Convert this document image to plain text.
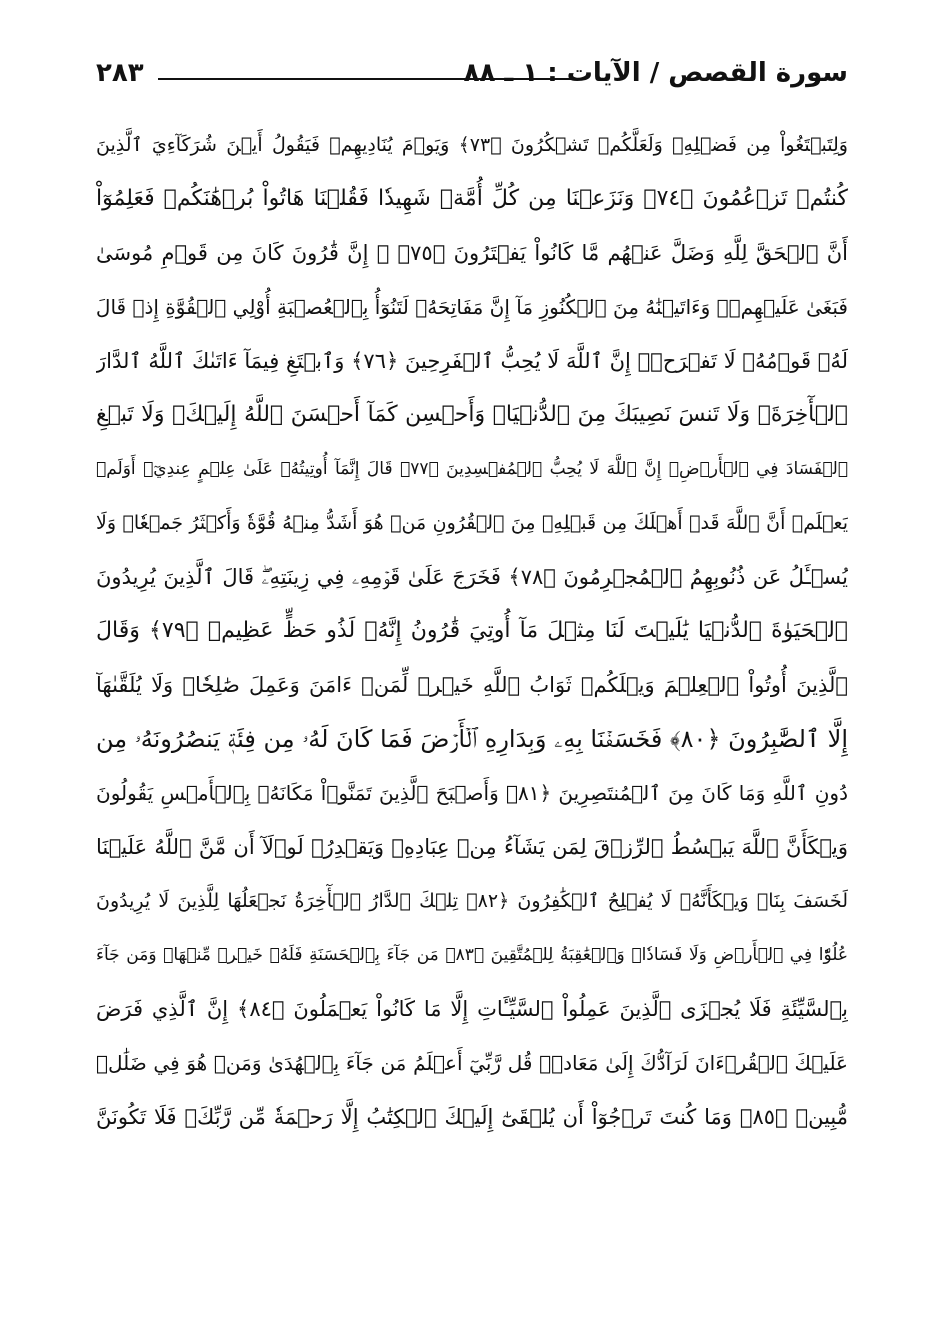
سورة القصص / الآيات : ١ ـ ٨٨
٢٨٣
وَلِتَبۡتَغُواْ مِن فَضۡلِهِۦ وَلَعَلَّكُمۡ تَشۡكُرُونَ ﴿٧٣﴾ وَيَوۡمَ يُنَادِيهِمۡ فَيَقُولُ أَيۡنَ شُرَكَآءِيَ ٱلَّذِينَ
كُنتُمۡ تَزۡعُمُونَ ﴿٧٤﴾ وَنَزَعۡنَا مِن كُلِّ أُمَّةٖ شَهِيدٗا فَقُلۡنَا هَاتُواْ بُرۡهَٰنَكُمۡ فَعَلِمُوٓاْ
أَنَّ ٱلۡحَقَّ لِلَّهِ وَضَلَّ عَنۡهُم مَّا كَانُواْ يَفۡتَرُونَ ﴿٧٥﴾ ۞ إِنَّ قَٰرُونَ كَانَ مِن قَوۡمِ مُوسَىٰ
فَبَغَىٰ عَلَيۡهِمۡۖ وَءَاتَيۡنَٰهُ مِنَ ٱلۡكُنُوزِ مَآ إِنَّ مَفَاتِحَهُۥ لَتَنُوٓأُ بِٱلۡعُصۡبَةِ أُوْلِي ٱلۡقُوَّةِ إِذۡ قَالَ
لَهُۥ قَوۡمُهُۥ لَا تَفۡرَحۡۖ إِنَّ ٱللَّهَ لَا يُحِبُّ ٱلۡفَرِحِينَ ﴿٧٦﴾ وَٱبۡتَغِ فِيمَآ ءَاتَىٰكَ ٱللَّهُ ٱلدَّارَ
ٱلۡأٓخِرَةَۖ وَلَا تَنسَ نَصِيبَكَ مِنَ ٱلدُّنۡيَاۖ وَأَحۡسِن كَمَآ أَحۡسَنَ ٱللَّهُ إِلَيۡكَۖ وَلَا تَبۡغِ
ٱلۡفَسَادَ فِي ٱلۡأَرۡضِۖ إِنَّ ٱللَّهَ لَا يُحِبُّ ٱلۡمُفۡسِدِينَ ﴿٧٧﴾ قَالَ إِنَّمَآ أُوتِيتُهُۥ عَلَىٰ عِلۡمٍ عِندِيٓۚ أَوَلَمۡ
يَعۡلَمۡ أَنَّ ٱللَّهَ قَدۡ أَهۡلَكَ مِن قَبۡلِهِۦ مِنَ ٱلۡقُرُونِ مَنۡ هُوَ أَشَدُّ مِنۡهُ قُوَّةٗ وَأَكۡثَرُ جَمۡعٗاۚ وَلَا
يُسۡـَٔلُ عَن ذُنُوبِهِمُ ٱلۡمُجۡرِمُونَ ﴿٧٨﴾ فَخَرَجَ عَلَىٰ قَوۡمِهِۦ فِي زِينَتِهِۦۖ قَالَ ٱلَّذِينَ يُرِيدُونَ
ٱلۡحَيَوٰةَ ٱلدُّنۡيَا يَٰلَيۡتَ لَنَا مِثۡلَ مَآ أُوتِيَ قَٰرُونُ إِنَّهُۥ لَذُو حَظٍّ عَظِيمٖ ﴿٧٩﴾ وَقَالَ
ٱلَّذِينَ أُوتُواْ ٱلۡعِلۡمَ وَيۡلَكُمۡ ثَوَابُ ٱللَّهِ خَيۡرٞ لِّمَنۡ ءَامَنَ وَعَمِلَ صَٰلِحٗاۚ وَلَا يُلَقَّىٰهَآ
إِلَّا ٱلصَّٰبِرُونَ ﴿٨٠﴾ فَخَسَفۡنَا بِهِۦ وَبِدَارِهِ ٱلۡأَرۡضَ فَمَا كَانَ لَهُۥ مِن فِئَةٖ يَنصُرُونَهُۥ مِن
دُونِ ٱللَّهِ وَمَا كَانَ مِنَ ٱلۡمُنتَصِرِينَ ﴿٨١﴾ وَأَصۡبَحَ ٱلَّذِينَ تَمَنَّوۡاْ مَكَانَهُۥ بِٱلۡأَمۡسِ يَقُولُونَ
وَيۡكَأَنَّ ٱللَّهَ يَبۡسُطُ ٱلرِّزۡقَ لِمَن يَشَآءُ مِنۡ عِبَادِهِۦ وَيَقۡدِرُۖ لَوۡلَآ أَن مَّنَّ ٱللَّهُ عَلَيۡنَا
لَخَسَفَ بِنَاۖ وَيۡكَأَنَّهُۥ لَا يُفۡلِحُ ٱلۡكَٰفِرُونَ ﴿٨٢﴾ تِلۡكَ ٱلدَّارُ ٱلۡأٓخِرَةُ نَجۡعَلُهَا لِلَّذِينَ لَا يُرِيدُونَ
عُلُوّٗا فِي ٱلۡأَرۡضِ وَلَا فَسَادٗاۚ وَٱلۡعَٰقِبَةُ لِلۡمُتَّقِينَ ﴿٨٣﴾ مَن جَآءَ بِٱلۡحَسَنَةِ فَلَهُۥ خَيۡرٞ مِّنۡهَاۖ وَمَن جَآءَ
بِٱلسَّيِّئَةِ فَلَا يُجۡزَى ٱلَّذِينَ عَمِلُواْ ٱلسَّيِّـَٔاتِ إِلَّا مَا كَانُواْ يَعۡمَلُونَ ﴿٨٤﴾ إِنَّ ٱلَّذِي فَرَضَ
عَلَيۡكَ ٱلۡقُرۡءَانَ لَرَآدُّكَ إِلَىٰ مَعَادٖۚ قُل رَّبِّيٓ أَعۡلَمُ مَن جَآءَ بِٱلۡهُدَىٰ وَمَنۡ هُوَ فِي ضَلَٰلٖ
مُّبِينٖ ﴿٨٥﴾ وَمَا كُنتَ تَرۡجُوٓاْ أَن يُلۡقَىٰٓ إِلَيۡكَ ٱلۡكِتَٰبُ إِلَّا رَحۡمَةٗ مِّن رَّبِّكَۖ فَلَا تَكُونَنَّ
